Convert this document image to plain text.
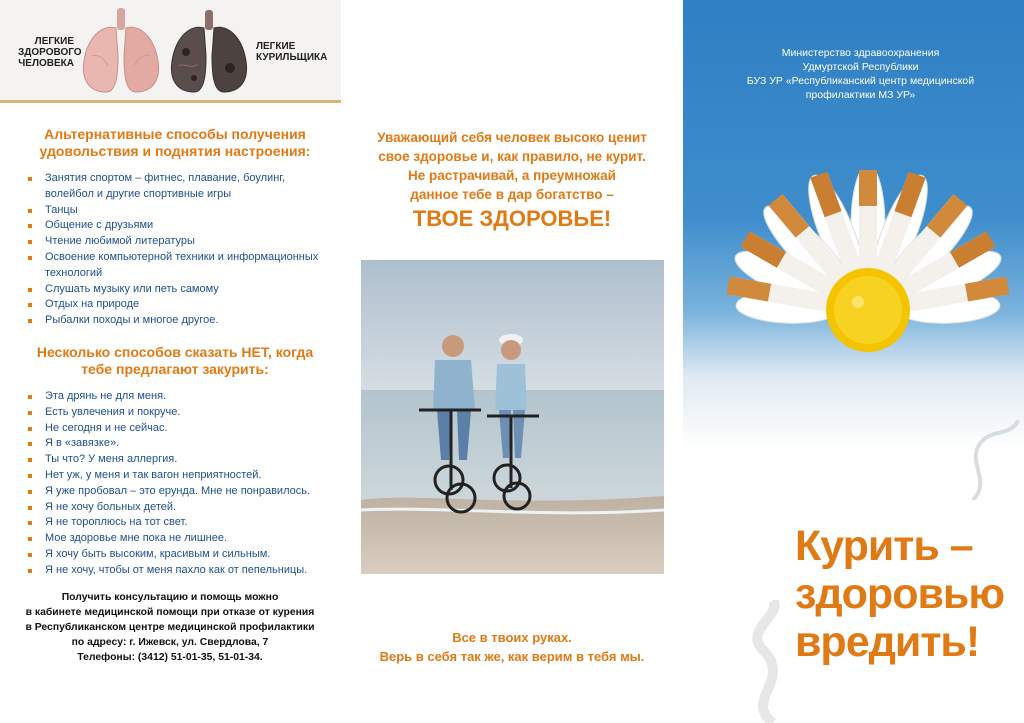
ЛЕГКИЕ
ЗДОРОВОГО
ЧЕЛОВЕКА
ЛЕГКИЕ
КУРИЛЬЩИКА
Альтернативные способы получения удовольствия и поднятия настроения:
Занятия спортом – фитнес, плавание, боулинг, волейбол и другие спортивные игры
Танцы
Общение с друзьями
Чтение любимой литературы
Освоение компьютерной техники и информационных технологий
Слушать музыку или петь самому
Отдых на природе
Рыбалки походы и многое другое.
Несколько способов сказать НЕТ, когда тебе предлагают закурить:
Эта дрянь не для меня.
Есть увлечения и покруче.
Не сегодня и не сейчас.
Я в «завязке».
Ты что? У меня аллергия.
Нет уж, у меня и так вагон неприятностей.
Я уже пробовал – это ерунда. Мне не понравилось.
Я не хочу больных детей.
Я не тороплюсь на тот свет.
Мое здоровье мне пока не лишнее.
Я хочу быть высоким, красивым и сильным.
Я не хочу, чтобы от меня пахло как от пепельницы.
Получить консультацию и помощь можно
в кабинете медицинской помощи при отказе от курения
в Республиканском центре медицинской профилактики
по адресу: г. Ижевск, ул. Свердлова, 7
Телефоны: (3412) 51-01-35, 51-01-34.
Уважающий себя человек высоко ценит
свое здоровье и, как правило, не курит.
Не растрачивай, а преумножай
данное тебе в дар богатство –
ТВОЕ ЗДОРОВЬЕ!
Все в твоих руках.
Верь в себя так же, как верим в тебя мы.
Министерство здравоохранения
Удмуртской Республики
БУЗ УР «Республиканский центр медицинской
профилактики МЗ УР»
Курить –
здоровью
вредить!
